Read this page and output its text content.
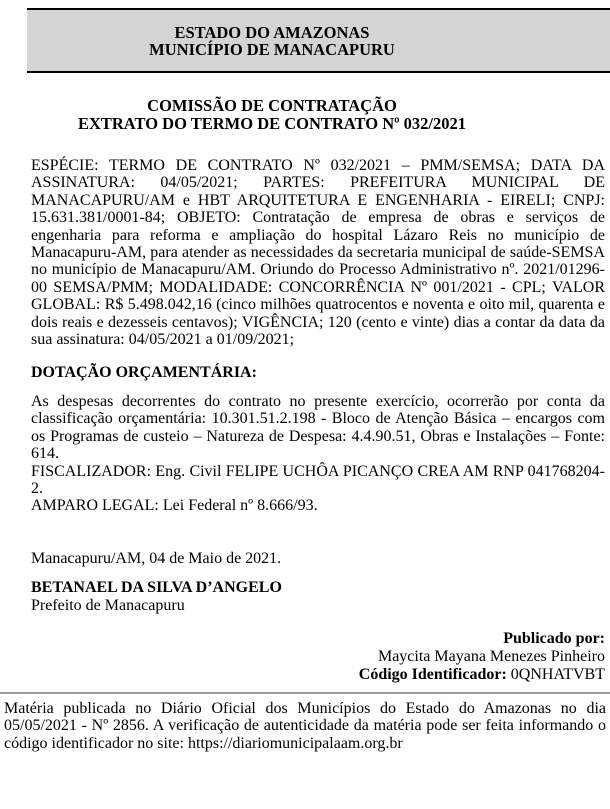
ESTADO DO AMAZONAS
MUNICÍPIO DE MANACAPURU
COMISSÃO DE CONTRATAÇÃO
EXTRATO DO TERMO DE CONTRATO Nº 032/2021

ESPÉCIE: TERMO DE CONTRATO Nº 032/2021 – PMM/SEMSA; DATA DA ASSINATURA: 04/05/2021; PARTES: PREFEITURA MUNICIPAL DE MANACAPURU/AM e HBT ARQUITETURA E ENGENHARIA - EIRELI; CNPJ: 15.631.381/0001-84; OBJETO: Contratação de empresa de obras e serviços de engenharia para reforma e ampliação do hospital Lázaro Reis no município de Manacapuru-AM, para atender as necessidades da secretaria municipal de saúde-SEMSA no município de Manacapuru/AM. Oriundo do Processo Administrativo nº. 2021/01296-00 SEMSA/PMM; MODALIDADE: CONCORRÊNCIA Nº 001/2021 - CPL; VALOR GLOBAL: R$ 5.498.042,16 (cinco milhões quatrocentos e noventa e oito mil, quarenta e dois reais e dezesseis centavos); VIGÊNCIA; 120 (cento e vinte) dias a contar da data da sua assinatura: 04/05/2021 a 01/09/2021;

DOTAÇÃO ORÇAMENTÁRIA:

As despesas decorrentes do contrato no presente exercício, ocorrerão por conta da classificação orçamentária: 10.301.51.2.198 - Bloco de Atenção Básica – encargos com os Programas de custeio – Natureza de Despesa: 4.4.90.51, Obras e Instalações – Fonte: 614.

FISCALIZADOR: Eng. Civil FELIPE UCHÔA PICANÇO CREA AM RNP 041768204-2.

AMPARO LEGAL: Lei Federal nº 8.666/93.

Manacapuru/AM, 04 de Maio de 2021.

BETANAEL DA SILVA D’ANGELO

Prefeito de Manacapuru

Publicado por:
Maycita Mayana Menezes Pinheiro
Código Identificador: 0QNHATVBT
Matéria publicada no Diário Oficial dos Municípios do Estado do Amazonas no dia 05/05/2021 - Nº 2856. A verificação de autenticidade da matéria pode ser feita informando o código identificador no site: https://diariomunicipalaam.org.br
